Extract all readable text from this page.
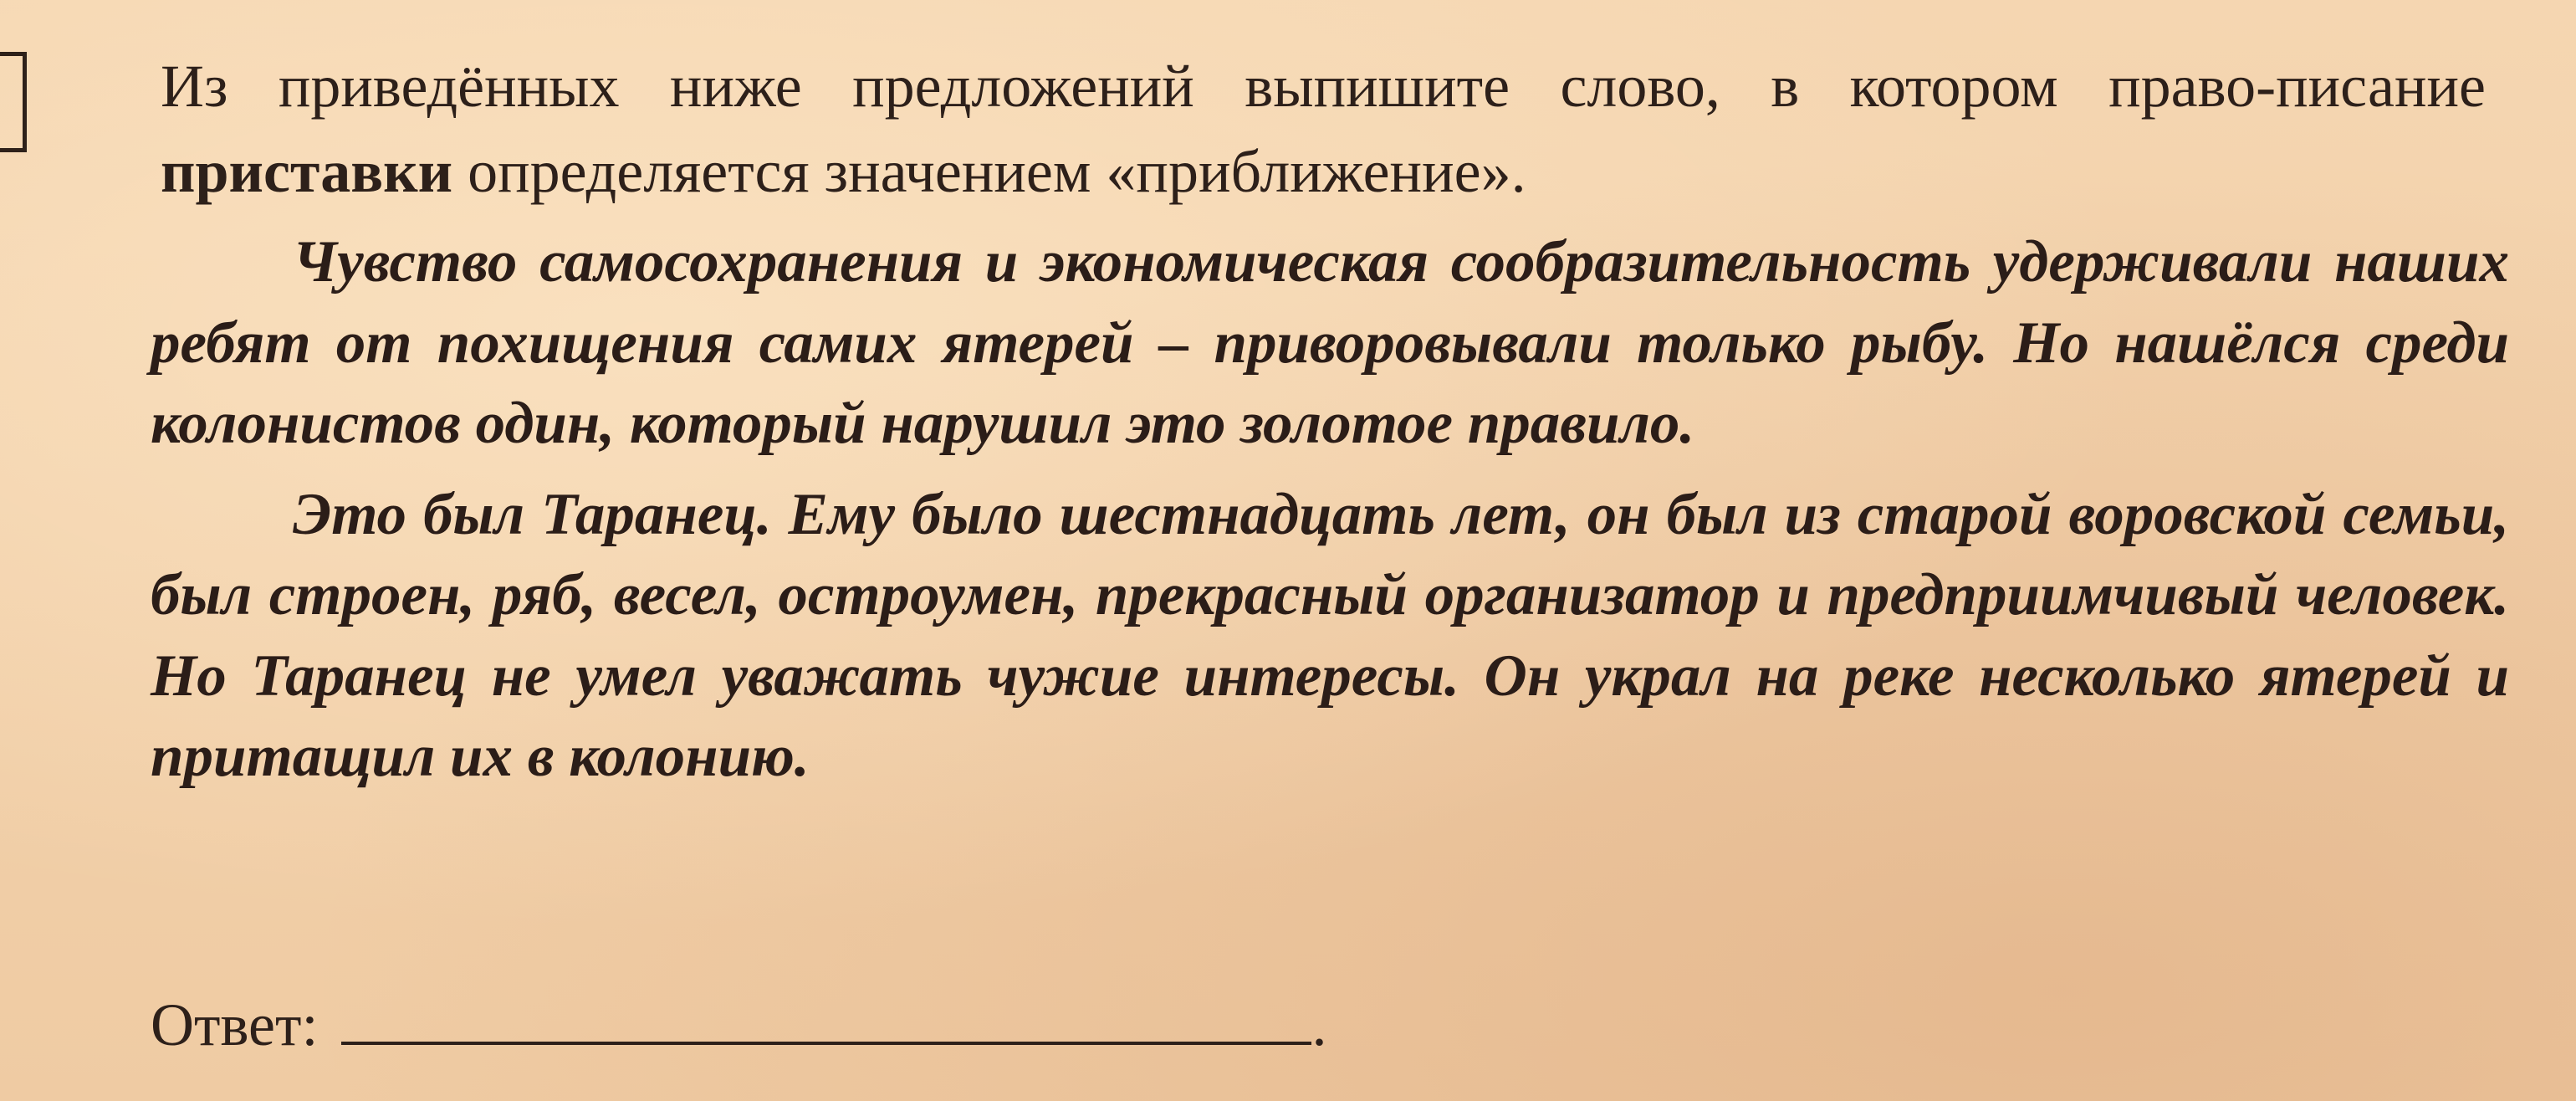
Из приведённых ниже предложений выпишите слово, в котором право-писание приставки определяется значением «приближение».

Чувство самосохранения и экономическая сообразительность удерживали наших ребят от похищения самих ятерей – приворовывали только рыбу. Но нашёлся среди колонистов один, который нарушил это золотое правило.

Это был Таранец. Ему было шестнадцать лет, он был из старой воровской семьи, был строен, ряб, весел, остроумен, прекрасный организатор и предприимчивый человек. Но Таранец не умел уважать чужие интересы. Он украл на реке несколько ятерей и притащил их в колонию.

Ответ:	.
